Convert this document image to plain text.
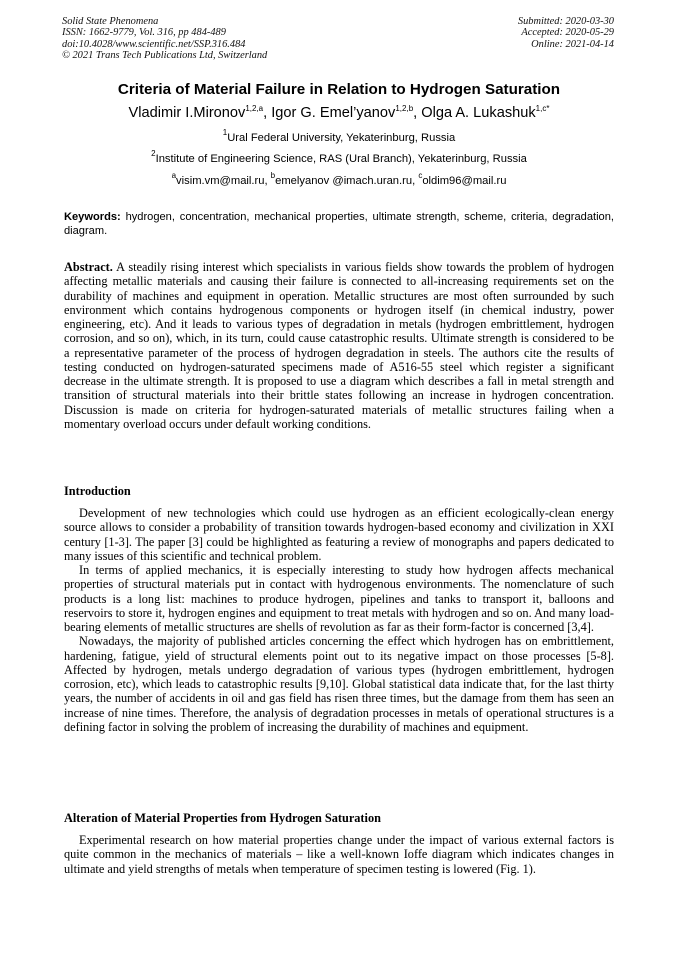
Solid State Phenomena
ISSN: 1662-9779, Vol. 316, pp 484-489
doi:10.4028/www.scientific.net/SSP.316.484
© 2021 Trans Tech Publications Ltd, Switzerland
Submitted: 2020-03-30
Accepted: 2020-05-29
Online: 2021-04-14
Criteria of Material Failure in Relation to Hydrogen Saturation
Vladimir I.Mironov$^{1,2,a}$, Igor G. Emel’yanov$^{1,2,b}$, Olga A. Lukashuk$^{1,c*}$
$^1$Ural Federal University, Yekaterinburg, Russia
$^2$Institute of Engineering Science, RAS (Ural Branch), Yekaterinburg, Russia
$^a$visim.vm@mail.ru, $^b$emelyanov @imach.uran.ru, $^c$oldim96@mail.ru
Keywords: hydrogen, concentration, mechanical properties, ultimate strength, scheme, criteria, degradation, diagram.
Abstract. A steadily rising interest which specialists in various fields show towards the problem of hydrogen affecting metallic materials and causing their failure is connected to all-increasing requirements set on the durability of machines and equipment in operation. Metallic structures are most often surrounded by such environment which contains hydrogenous components or hydrogen itself (in chemical industry, power engineering, etc). And it leads to various types of degradation in metals (hydrogen embrittlement, hydrogen corrosion, and so on), which, in its turn, could cause catastrophic results. Ultimate strength is considered to be a representative parameter of the process of hydrogen degradation in steels. The authors cite the results of testing conducted on hydrogen-saturated specimens made of A516-55 steel which register a significant decrease in the ultimate strength. It is proposed to use a diagram which describes a fall in metal strength and transition of structural materials into their brittle states following an increase in hydrogen concentration. Discussion is made on criteria for hydrogen-saturated materials of metallic structures failing when a momentary overload occurs under default working conditions.
Introduction

Development of new technologies which could use hydrogen as an efficient ecologically-clean energy source allows to consider a probability of transition towards hydrogen-based economy and civilization in XXI century [1-3]. The paper [3] could be highlighted as featuring a review of monographs and papers dedicated to many issues of this scientific and technical problem.

In terms of applied mechanics, it is especially interesting to study how hydrogen affects mechanical properties of structural materials put in contact with hydrogenous environments. The nomenclature of such products is a long list: machines to produce hydrogen, pipelines and tanks to transport it, balloons and reservoirs to store it, hydrogen engines and equipment to treat metals with hydrogen and so on. And many load-bearing elements of metallic structures are shells of revolution as far as their form-factor is concerned [3,4].

Nowadays, the majority of published articles concerning the effect which hydrogen has on embrittlement, hardening, fatigue, yield of structural elements point out to its negative impact on those processes [5-8]. Affected by hydrogen, metals undergo degradation of various types (hydrogen embrittlement, hydrogen corrosion, etc), which leads to catastrophic results [9,10]. Global statistical data indicate that, for the last thirty years, the number of accidents in oil and gas field has risen three times, but the damage from them has seen an increase of nine times. Therefore, the analysis of degradation processes in metals of operational structures is a defining factor in solving the problem of increasing the durability of machines and equipment.

Alteration of Material Properties from Hydrogen Saturation

Experimental research on how material properties change under the impact of various external factors is quite common in the mechanics of materials – like a well-known Ioffe diagram which indicates changes in ultimate and yield strengths of metals when temperature of specimen testing is lowered (Fig. 1).
